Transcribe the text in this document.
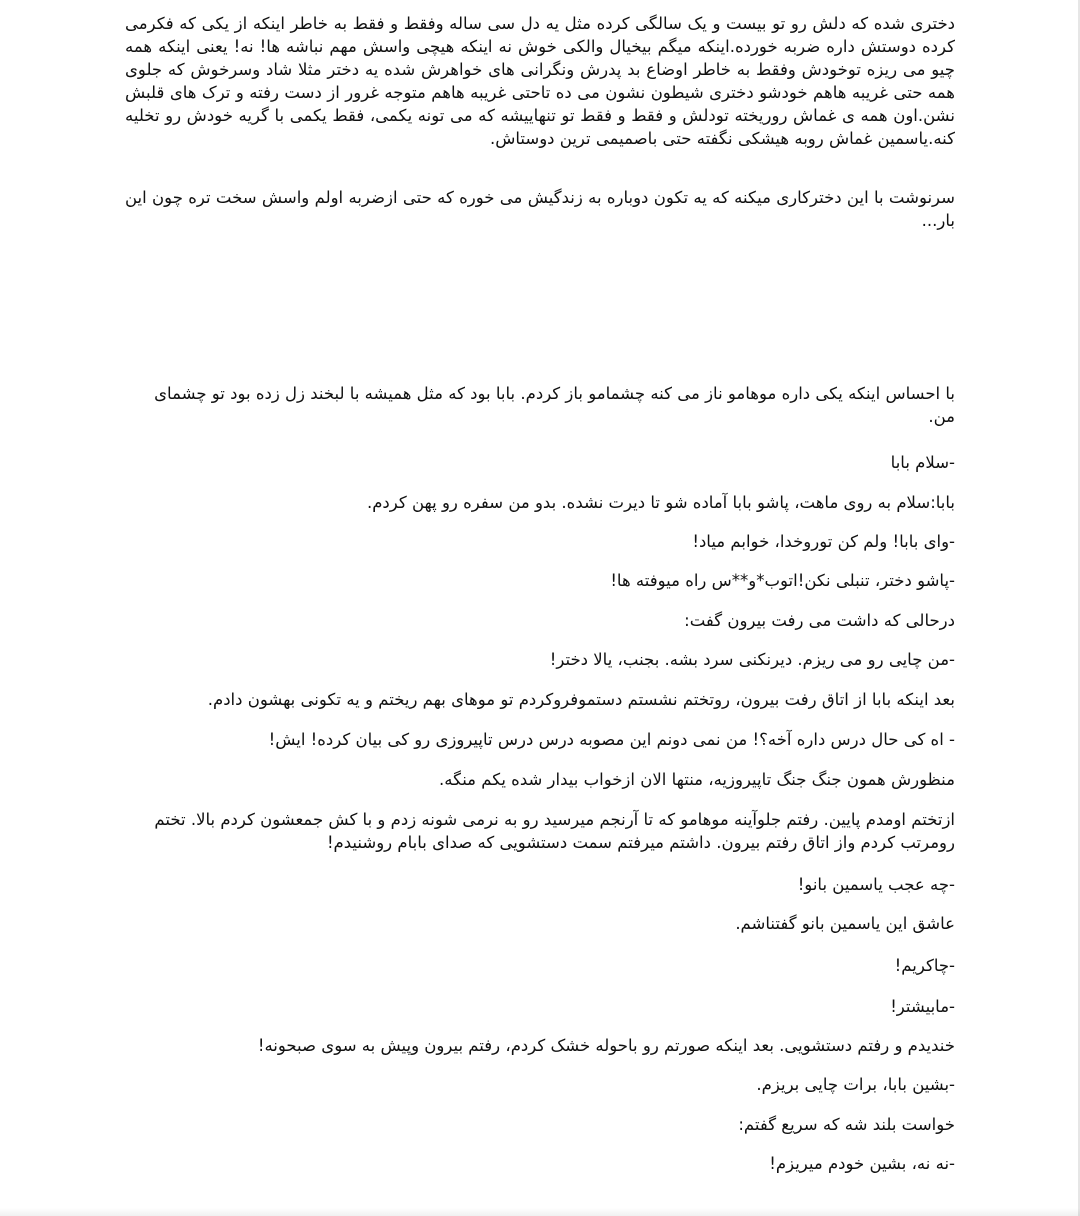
دختری شده که دلش رو تو بیست و یک سالگی کرده مثل یه دل سی ساله وفقط و فقط به خاطر اینکه از یکی که فکرمی کرده دوستش داره ضربه خورده.اینکه میگم بیخیال والکی خوش نه اینکه هیچی واسش مهم نباشه ها! نه! یعنی اینکه همه چیو می ریزه توخودش وفقط به خاطر اوضاع بد پدرش ونگرانی های خواهرش شده یه دختر مثلا شاد وسرخوش که جلوی همه حتی غریبه هاهم خودشو دختری شیطون نشون می ده تاحتی غریبه هاهم متوجه غرور از دست رفته و ترک های قلبش نشن.اون همه ی غماش روریخته تودلش و فقط و فقط تو تنهاییشه که می تونه یکمی، فقط یکمی با گریه خودش رو تخلیه کنه.یاسمین غماش روبه هیشکی نگفته حتی باصمیمی ترین دوستاش.
سرنوشت با این دخترکاری میکنه که یه تکون دوباره به زندگیش می خوره که حتی ازضربه اولم واسش سخت تره چون این بار...
با احساس اینکه یکی داره موهامو ناز می کنه چشمامو باز کردم. بابا بود که مثل همیشه با لبخند زل زده بود تو چشمای من.
-سلام بابا
بابا:سلام به روی ماهت، پاشو بابا آماده شو تا دیرت نشده. بدو من سفره رو پهن کردم.
-وای بابا! ولم کن توروخدا، خوابم میاد!
-پاشو دختر، تنبلی نکن!اتوب*و**س راه میوفته ها!
درحالی که داشت می رفت بیرون گفت:
-من چایی رو می ریزم. دیرنکنی سرد بشه. بجنب، یالا دختر!
بعد اینکه بابا از اتاق رفت بیرون، روتختم نشستم دستموفروکردم تو موهای بهم ریختم و یه تکونی بهشون دادم.
- اه کی حال درس داره آخه؟! من نمی دونم این مصوبه درس درس تاپیروزی رو کی بیان کرده! ایش!
منظورش همون جنگ جنگ تاپیروزیه، منتها الان ازخواب بیدار شده یکم منگه.
ازتختم اومدم پایین. رفتم جلوآینه موهامو که تا آرنجم میرسید رو به نرمی شونه زدم و با کش جمعشون کردم بالا. تختم رومرتب کردم واز اتاق رفتم بیرون. داشتم میرفتم سمت دستشویی که صدای بابام روشنیدم!
-چه عجب یاسمین بانو!
عاشق این یاسمین بانو گفتناشم.
-چاکریم!
-مابیشتر!
خندیدم و رفتم دستشویی. بعد اینکه صورتم رو باحوله خشک کردم، رفتم بیرون وپیش به سوی صبحونه!
-بشین بابا، برات چایی بریزم.
خواست بلند شه که سریع گفتم:
-نه نه، بشین خودم میریزم!
